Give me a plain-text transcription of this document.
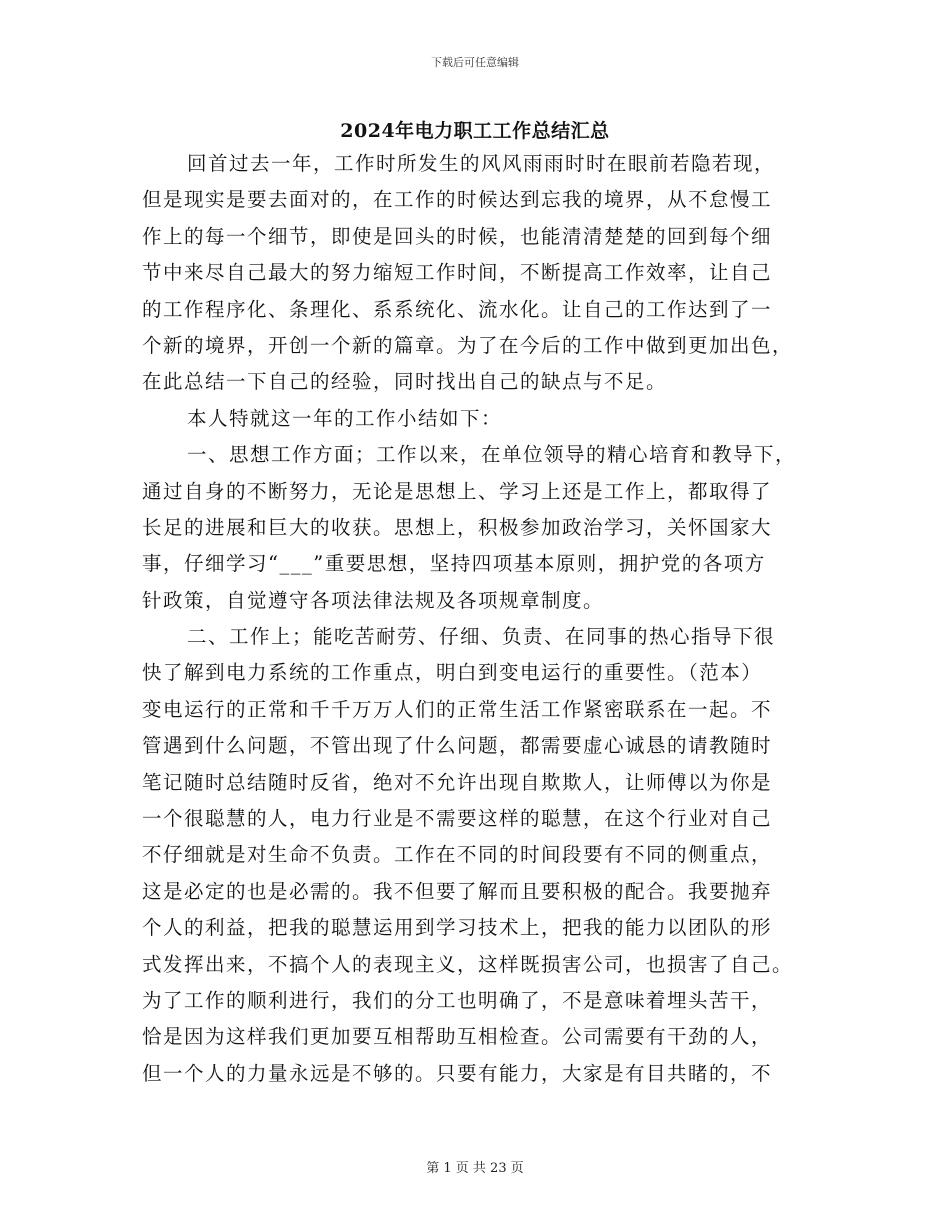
下载后可任意编辑
2024年电力职工工作总结汇总
回首过去一年，工作时所发生的风风雨雨时时在眼前若隐若现，
但是现实是要去面对的，在工作的时候达到忘我的境界，从不怠慢工
作上的每一个细节，即使是回头的时候，也能清清楚楚的回到每个细
节中来尽自己最大的努力缩短工作时间，不断提高工作效率，让自己
的工作程序化、条理化、系系统化、流水化。让自己的工作达到了一
个新的境界，开创一个新的篇章。为了在今后的工作中做到更加出色，
在此总结一下自己的经验，同时找出自己的缺点与不足。
本人特就这一年的工作小结如下：
一、思想工作方面；工作以来，在单位领导的精心培育和教导下，
通过自身的不断努力，无论是思想上、学习上还是工作上，都取得了
长足的进展和巨大的收获。思想上，积极参加政治学习，关怀国家大
事，仔细学习“___”重要思想，坚持四项基本原则，拥护党的各项方
针政策，自觉遵守各项法律法规及各项规章制度。
二、工作上；能吃苦耐劳、仔细、负责、在同事的热心指导下很
快了解到电力系统的工作重点，明白到变电运行的重要性。（范本）
变电运行的正常和千千万万人们的正常生活工作紧密联系在一起。不
管遇到什么问题，不管出现了什么问题，都需要虚心诚恳的请教随时
笔记随时总结随时反省，绝对不允许出现自欺欺人，让师傅以为你是
一个很聪慧的人，电力行业是不需要这样的聪慧，在这个行业对自己
不仔细就是对生命不负责。工作在不同的时间段要有不同的侧重点，
这是必定的也是必需的。我不但要了解而且要积极的配合。我要抛弃
个人的利益，把我的聪慧运用到学习技术上，把我的能力以团队的形
式发挥出来，不搞个人的表现主义，这样既损害公司，也损害了自己。
为了工作的顺利进行，我们的分工也明确了，不是意味着埋头苦干，
恰是因为这样我们更加要互相帮助互相检查。公司需要有干劲的人，
但一个人的力量永远是不够的。只要有能力，大家是有目共睹的，不
第 1 页 共 23 页
